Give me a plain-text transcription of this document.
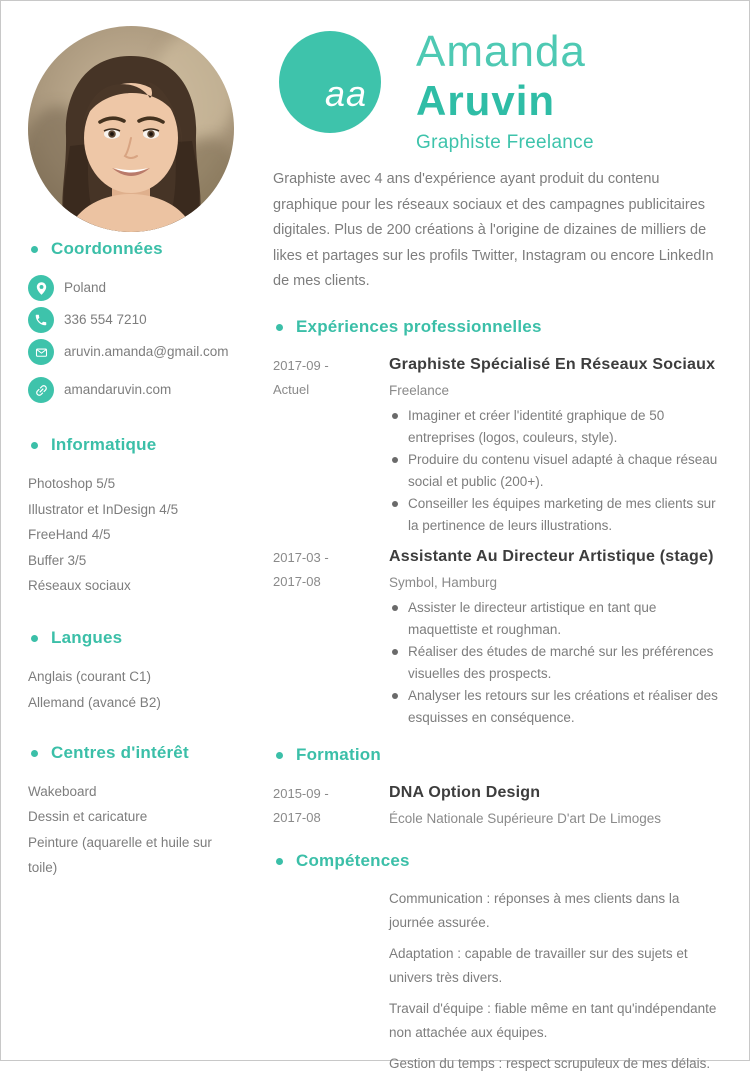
Coordonnées
Poland
336 554 7210
aruvin.amanda@gmail.com
amandaruvin.com
Informatique
Photoshop 5/5
Illustrator et InDesign 4/5
FreeHand 4/5
Buffer 3/5
Réseaux sociaux
Langues
Anglais (courant C1)
Allemand (avancé B2)
Centres d'intérêt
Wakeboard
Dessin et caricature
Peinture (aquarelle et huile sur toile)
aa
Amanda
Aruvin
Graphiste Freelance

Graphiste avec 4 ans d'expérience ayant produit du contenu graphique pour les réseaux sociaux et des campagnes publicitaires digitales. Plus de 200 créations à l'origine de dizaines de milliers de likes et partages sur les profils Twitter, Instagram ou encore LinkedIn de mes clients.

Expériences professionnelles
2017-09 -
Actuel
Graphiste Spécialisé En Réseaux Sociaux
Freelance
Imaginer et créer l'identité graphique de 50 entreprises (logos, couleurs, style).
Produire du contenu visuel adapté à chaque réseau social et public (200+).
Conseiller les équipes marketing de mes clients sur la pertinence de leurs illustrations.
2017-03 -
2017-08
Assistante Au Directeur Artistique (stage)
Symbol, Hamburg
Assister le directeur artistique en tant que maquettiste et roughman.
Réaliser des études de marché sur les préférences visuelles des prospects.
Analyser les retours sur les créations et réaliser des esquisses en conséquence.
Formation
2015-09 -
2017-08
DNA Option Design
École Nationale Supérieure D'art De Limoges
Compétences

Communication : réponses à mes clients dans la journée assurée.

Adaptation : capable de travailler sur des sujets et univers très divers.

Travail d'équipe : fiable même en tant qu'indépendante non attachée aux équipes.

Gestion du temps : respect scrupuleux de mes délais.
